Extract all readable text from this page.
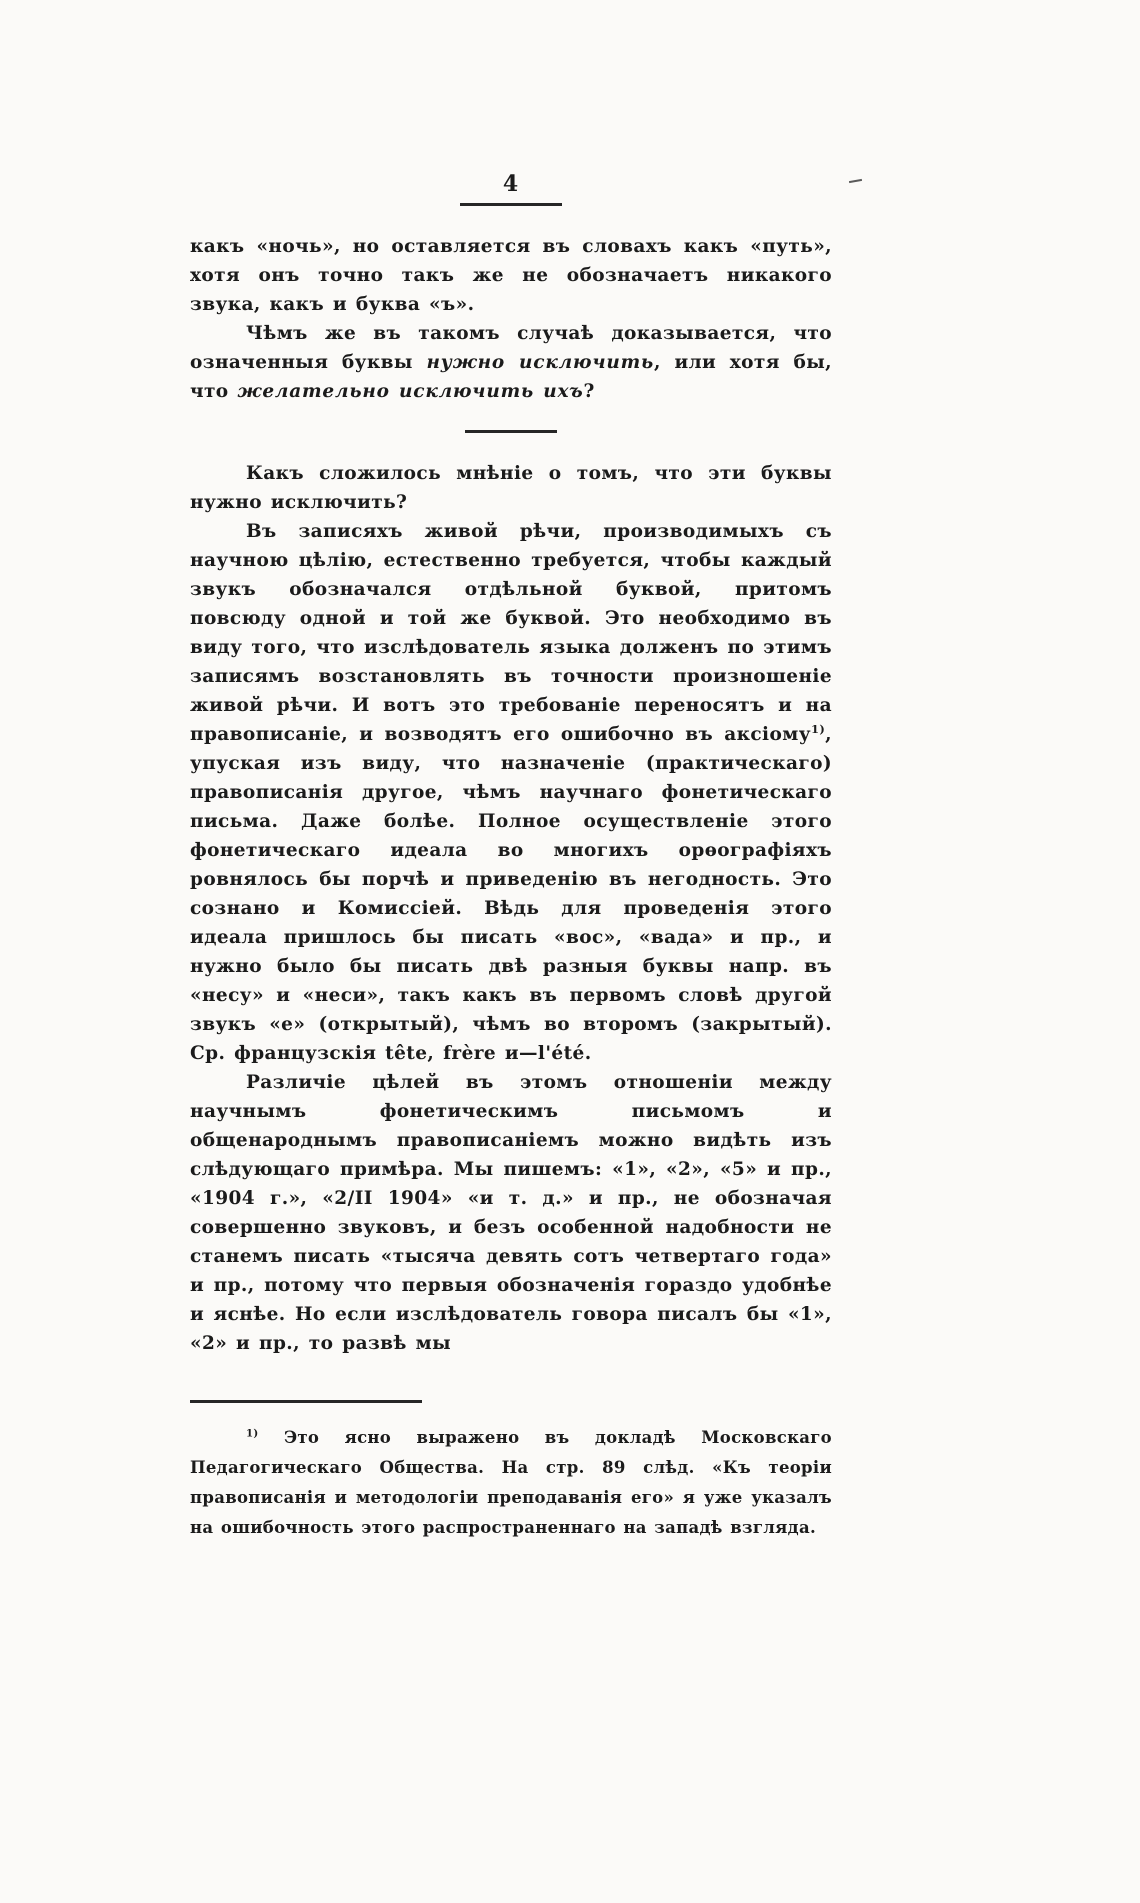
4

какъ «ночь», но оставляется въ словахъ какъ «путь», хотя онъ точно такъ же не обозначаетъ никакого звука, какъ и буква «ъ».

Чѣмъ же въ такомъ случаѣ доказывается, что означенныя буквы нужно исключить, или хотя бы, что желательно исключить ихъ?

Какъ сложилось мнѣніе о томъ, что эти буквы нужно исключить?

Въ записяхъ живой рѣчи, производимыхъ съ научною цѣлію, естественно требуется, чтобы каждый звукъ обозначался отдѣльной буквой, притомъ повсюду одной и той же буквой. Это необходимо въ виду того, что изслѣдователь языка долженъ по этимъ записямъ возстановлять въ точности произношеніе живой рѣчи. И вотъ это требованіе переносятъ и на правописаніе, и возводятъ его ошибочно въ аксіому$^{1)}$, упуская изъ виду, что назначеніе (практическаго) правописанія другое, чѣмъ научнаго фонетическаго письма. Даже болѣе. Полное осуществленіе этого фонетическаго идеала во многихъ орѳографіяхъ ровнялось бы порчѣ и приведенію въ негодность. Это сознано и Комиссіей. Вѣдь для проведенія этого идеала пришлось бы писать «вос», «вада» и пр., и нужно было бы писать двѣ разныя буквы напр. въ «несу» и «неси», такъ какъ въ первомъ словѣ другой звукъ «е» (открытый), чѣмъ во второмъ (закрытый). Ср. французскія tête, frère и—l'été.

Различіе цѣлей въ этомъ отношеніи между научнымъ фонетическимъ письмомъ и общенароднымъ правописаніемъ можно видѣть изъ слѣдующаго примѣра. Мы пишемъ: «1», «2», «5» и пр., «1904 г.», «2/II 1904» «и т. д.» и пр., не обозначая совершенно звуковъ, и безъ особенной надобности не станемъ писать «тысяча девять сотъ четвертаго года» и пр., потому что первыя обозначенія гораздо удобнѣе и яснѣе. Но если изслѣдователь говора писалъ бы «1», «2» и пр., то развѣ мы

$^{1)}$ Это ясно выражено въ докладѣ Московскаго Педагогическаго Общества. На стр. 89 слѣд. «Къ теоріи правописанія и методологіи преподаванія его» я уже указалъ на ошибочность этого распространеннаго на западѣ взгляда.
